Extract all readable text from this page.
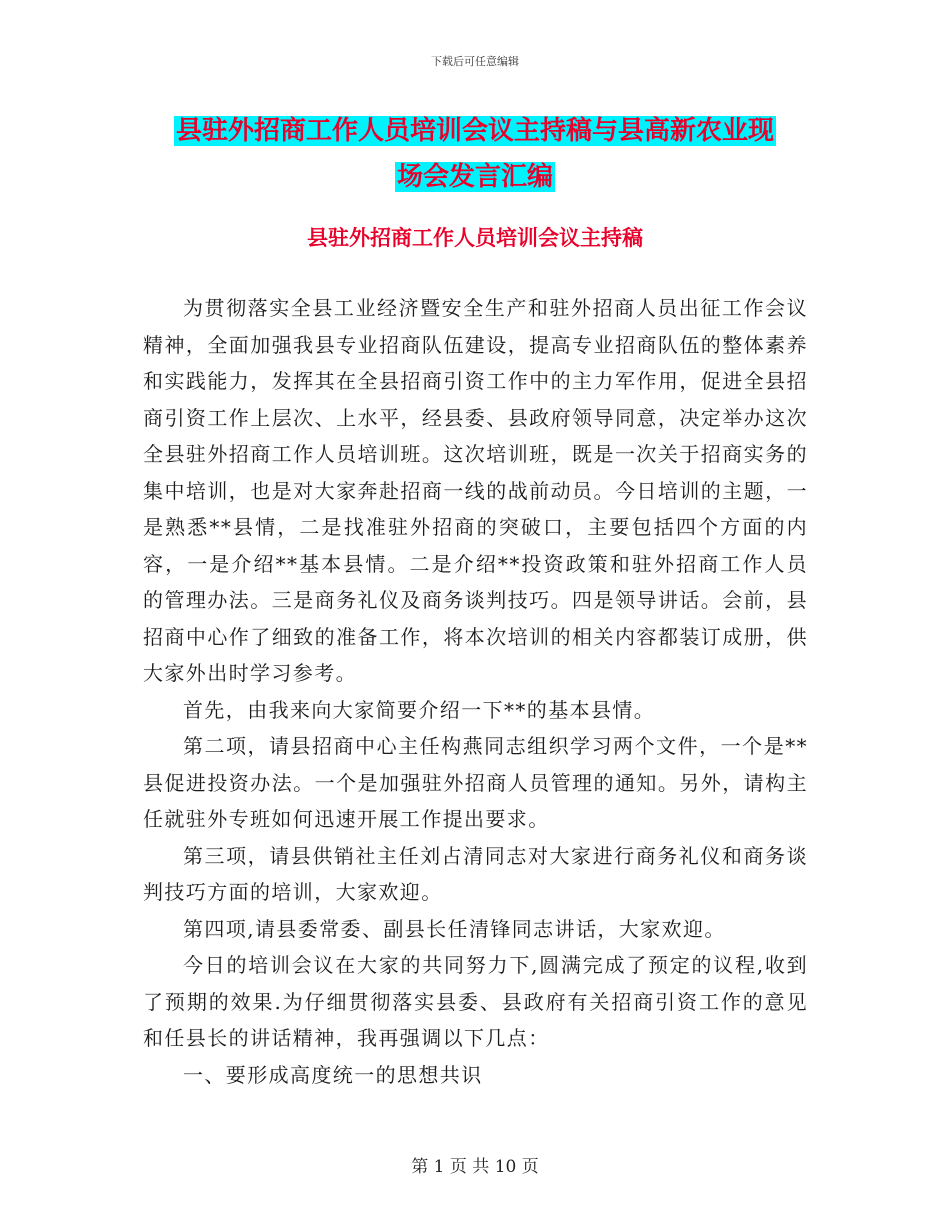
下载后可任意编辑
县驻外招商工作人员培训会议主持稿与县高新农业现
场会发言汇编
县驻外招商工作人员培训会议主持稿

为贯彻落实全县工业经济暨安全生产和驻外招商人员出征工作会议精神，全面加强我县专业招商队伍建设，提高专业招商队伍的整体素养和实践能力，发挥其在全县招商引资工作中的主力军作用，促进全县招商引资工作上层次、上水平，经县委、县政府领导同意，决定举办这次全县驻外招商工作人员培训班。这次培训班，既是一次关于招商实务的集中培训，也是对大家奔赴招商一线的战前动员。今日培训的主题，一是熟悉**县情，二是找准驻外招商的突破口，主要包括四个方面的内容，一是介绍**基本县情。二是介绍**投资政策和驻外招商工作人员的管理办法。三是商务礼仪及商务谈判技巧。四是领导讲话。会前，县招商中心作了细致的准备工作，将本次培训的相关内容都装订成册，供大家外出时学习参考。

首先，由我来向大家简要介绍一下**的基本县情。

第二项，请县招商中心主任构燕同志组织学习两个文件，一个是**县促进投资办法。一个是加强驻外招商人员管理的通知。另外，请构主任就驻外专班如何迅速开展工作提出要求。

第三项，请县供销社主任刘占清同志对大家进行商务礼仪和商务谈判技巧方面的培训，大家欢迎。

第四项,请县委常委、副县长任清锋同志讲话，大家欢迎。

今日的培训会议在大家的共同努力下,圆满完成了预定的议程,收到了预期的效果.为仔细贯彻落实县委、县政府有关招商引资工作的意见和任县长的讲话精神，我再强调以下几点：

一、要形成高度统一的思想共识

第 1 页 共 10 页
